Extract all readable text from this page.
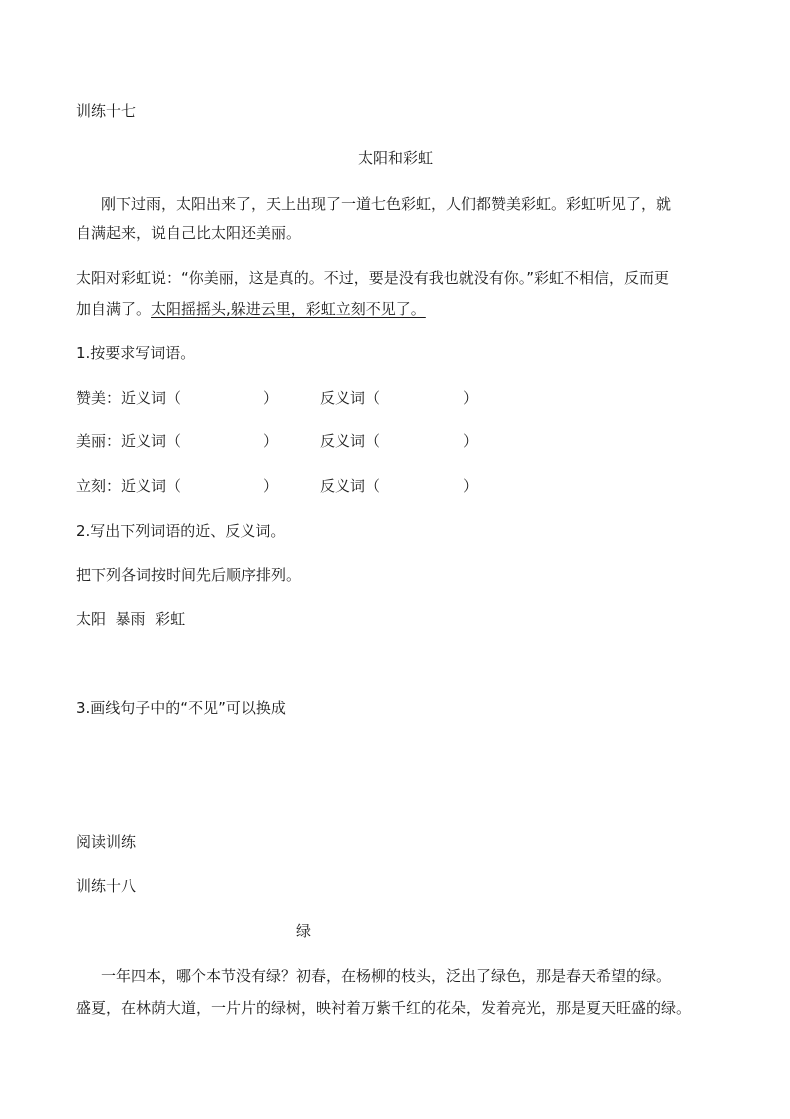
训练十七
太阳和彩虹
刚下过雨，太阳出来了，天上出现了一道七色彩虹，人们都赞美彩虹。彩虹听见了，就
自满起来，说自己比太阳还美丽。
太阳对彩虹说：“你美丽，这是真的。不过，要是没有我也就没有你。”彩虹不相信，反而更
加自满了。太阳摇摇头,躲进云里，彩虹立刻不见了。
1.按要求写词语。
赞美：近义词（	）	反义词（	）
美丽：近义词（	）	反义词（	）
立刻：近义词（	）	反义词（	）
2.写出下列词语的近、反义词。
把下列各词按时间先后顺序排列。
太阳  暴雨  彩虹
3.画线句子中的“不见”可以换成
阅读训练
训练十八
绿
一年四本，哪个本节没有绿？初春，在杨柳的枝头，泛出了绿色，那是春天希望的绿。
盛夏，在林荫大道，一片片的绿树，映衬着万紫千红的花朵，发着亮光，那是夏天旺盛的绿。
